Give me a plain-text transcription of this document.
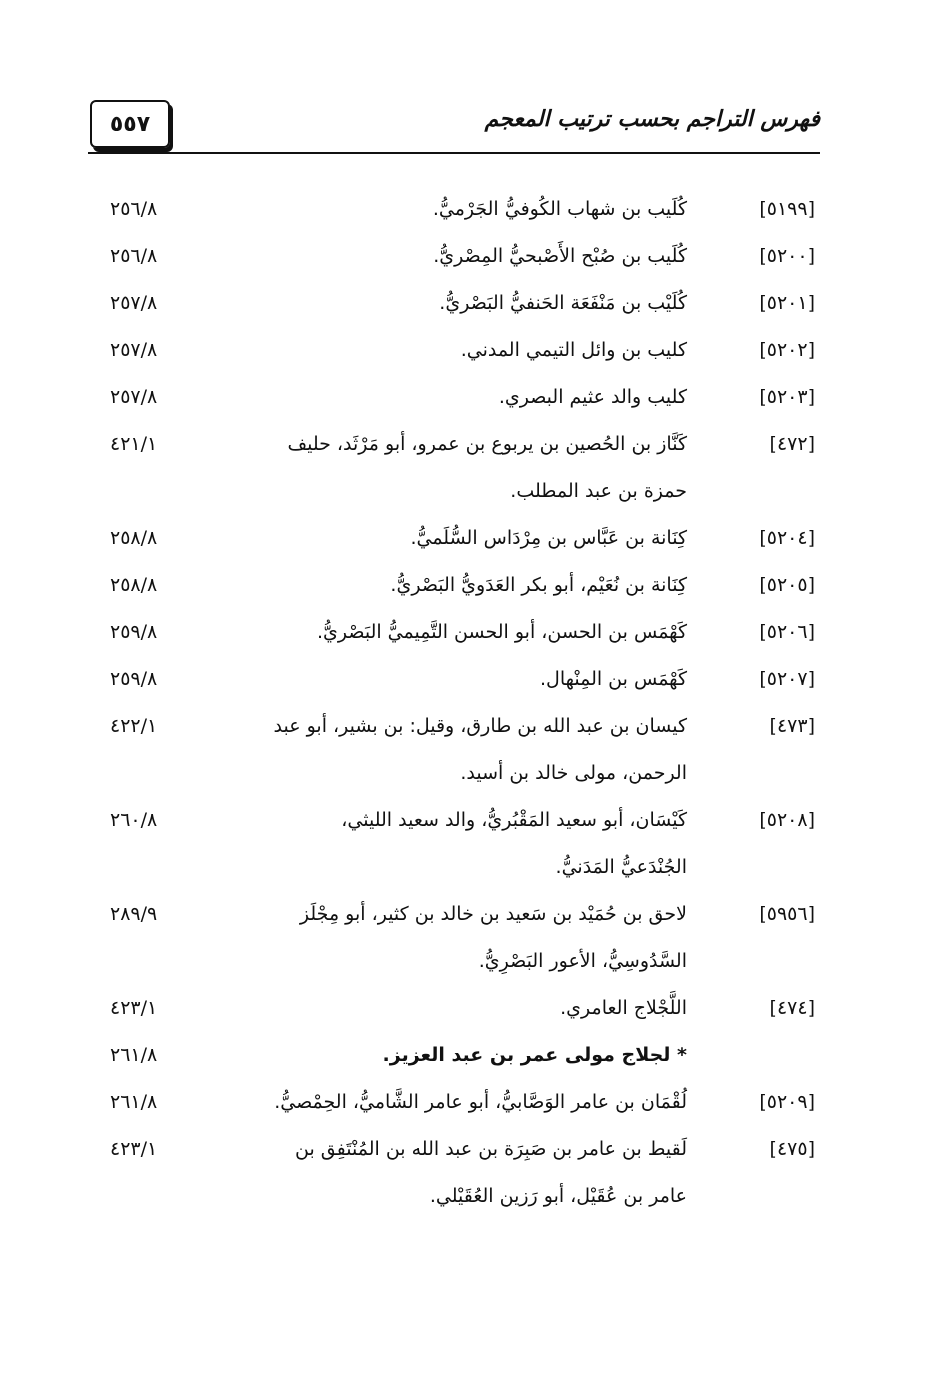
٥٥٧	فهرس التراجم بحسب ترتيب المعجم
[٥١٩٩]
كُلَيب بن شهاب الكُوفيُّ الجَرْميُّ.
٢٥٦/٨
[٥٢٠٠]
كُلَيب بن صُبْح الأَصْبحيُّ المِصْريُّ.
٢٥٦/٨
[٥٢٠١]
كُلَيْب بن مَنْفَعَة الحَنفيُّ البَصْريُّ.
٢٥٧/٨
[٥٢٠٢]
كليب بن وائل التيمي المدني.
٢٥٧/٨
[٥٢٠٣]
كليب والد عثيم البصري.
٢٥٧/٨
[٤٧٢]
كَنَّاز بن الحُصين بن يربوع بن عمرو، أبو مَرْثَد، حليف حمزة بن عبد المطلب.
٤٢١/١
[٥٢٠٤]
كِنَانة بن عَبَّاس بن مِرْدَاس السُّلَميُّ.
٢٥٨/٨
[٥٢٠٥]
كِنَانة بن نُعَيْم، أبو بكر العَدَويُّ البَصْريُّ.
٢٥٨/٨
[٥٢٠٦]
كَهْمَس بن الحسن، أبو الحسن التَّمِيميُّ البَصْريُّ.
٢٥٩/٨
[٥٢٠٧]
كَهْمَس بن المِنْهال.
٢٥٩/٨
[٤٧٣]
كيسان بن عبد الله بن طارق، وقيل: بن بشير، أبو عبد الرحمن، مولى خالد بن أسيد.
٤٢٢/١
[٥٢٠٨]
كَيْسَان، أبو سعيد المَقْبُريُّ، والد سعيد الليثي، الجُنْدَعيُّ المَدَنيُّ.
٢٦٠/٨
[٥٩٥٦]
لاحق بن حُمَيْد بن سَعيد بن خالد بن كثير، أبو مِجْلَز السَّدُوسِيُّ، الأعور البَصْرِيُّ.
٢٨٩/٩
[٤٧٤]
اللَّجْلاج العامري.
٤٢٣/١
* لجلاج مولى عمر بن عبد العزيز.
٢٦١/٨
[٥٢٠٩]
لُقْمَان بن عامر الوَصَّابيُّ، أبو عامر الشَّاميُّ، الحِمْصيُّ.
٢٦١/٨
[٤٧٥]
لَقيط بن عامر بن صَبِرَة بن عبد الله بن المُنْتَفِق بن عامر بن عُقَيْل، أبو رَزين العُقَيْلي.
٤٢٣/١
